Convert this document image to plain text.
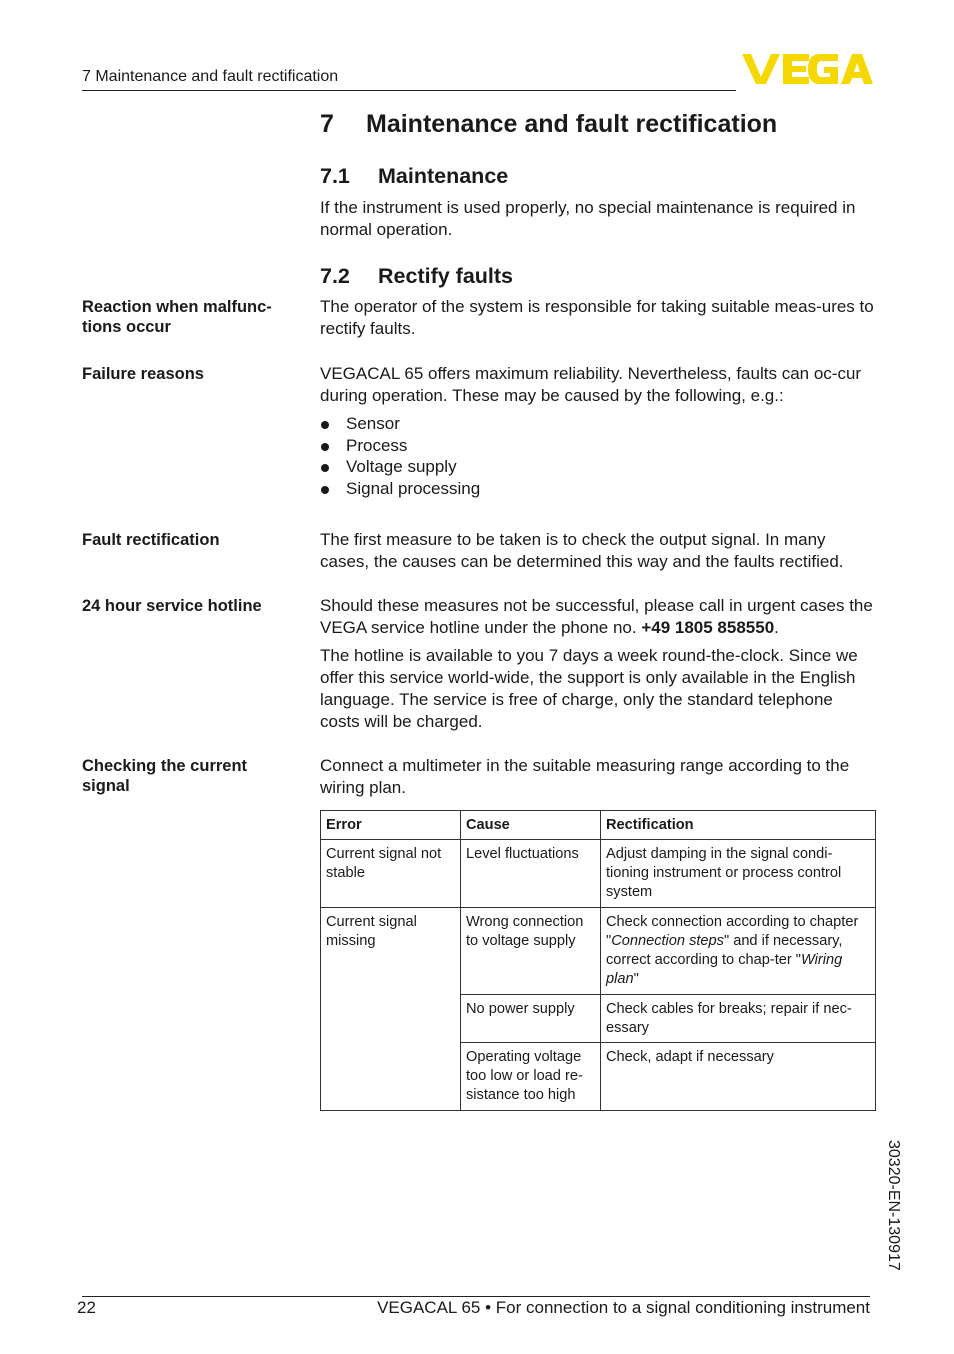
7 Maintenance and fault rectification
7 Maintenance and fault rectification
7.1 Maintenance
If the instrument is used properly, no special maintenance is required in normal operation.
7.2 Rectify faults
Reaction when malfunc-tions occur
The operator of the system is responsible for taking suitable meas-ures to rectify faults.
Failure reasons	VEGACAL 65 offers maximum reliability. Nevertheless, faults can oc-cur during operation. These may be caused by the following, e.g.:
Sensor
Process
Voltage supply
Signal processing
Fault rectification	The first measure to be taken is to check the output signal. In many cases, the causes can be determined this way and the faults rectified.
24 hour service hotline	Should these measures not be successful, please call in urgent cases the VEGA service hotline under the phone no. +49 1805 858550.
The hotline is available to you 7 days a week round-the-clock. Since we offer this service world-wide, the support is only available in the English language. The service is free of charge, only the standard telephone costs will be charged.
Checking the current signal
Connect a multimeter in the suitable measuring range according to the wiring plan.
Error	Cause	Rectification
Current signal not stable	Level fluctuations	Adjust damping in the signal condi-tioning instrument or process control system
Current signal missing	Wrong connection to voltage supply	Check connection according to chapter "Connection steps" and if necessary, correct according to chap-ter "Wiring plan"
	No power supply	Check cables for breaks; repair if nec-essary
	Operating voltage too low or load re-sistance too high	Check, adapt if necessary
30320-EN-130917
22	VEGACAL 65 • For connection to a signal conditioning instrument
